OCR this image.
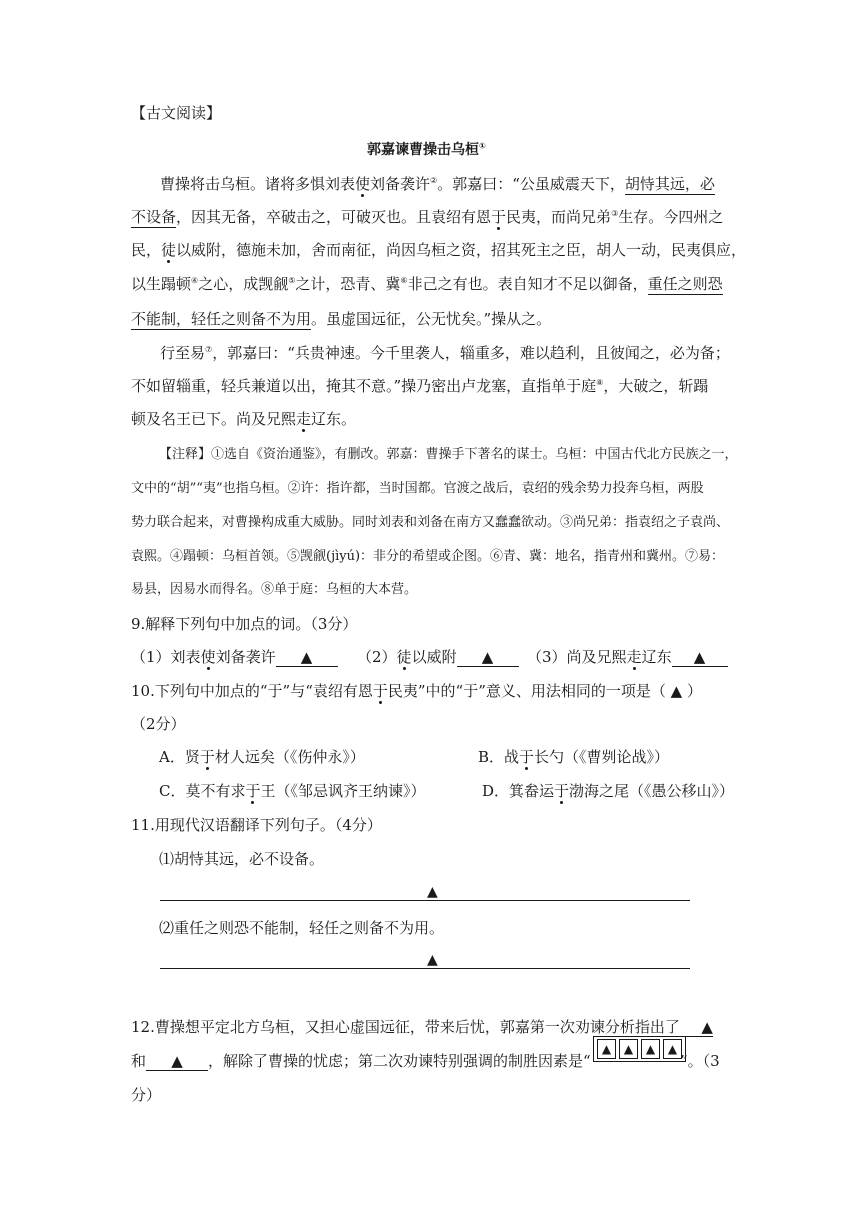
【古文阅读】
郭嘉谏曹操击乌桓①
曹操将击乌桓。诸将多惧刘表使刘备袭许②。郭嘉曰：“公虽威震天下，胡恃其远，必
不设备，因其无备，卒破击之，可破灭也。且袁绍有恩于民夷，而尚兄弟③生存。今四州之
民，徒以威附，德施未加，舍而南征，尚因乌桓之资，招其死主之臣，胡人一动，民夷俱应，
以生蹋顿④之心，成觊觎⑤之计，恐青、冀⑥非己之有也。表自知才不足以御备，重任之则恐
不能制，轻任之则备不为用。虽虚国远征，公无忧矣。”操从之。
行至易⑦，郭嘉曰：“兵贵神速。今千里袭人，辎重多，难以趋利，且彼闻之，必为备；
不如留辎重，轻兵兼道以出，掩其不意。”操乃密出卢龙塞，直指单于庭⑧，大破之，斩蹋
顿及名王已下。尚及兄熙走辽东。
【注释】①选自《资治通鉴》，有删改。郭嘉：曹操手下著名的谋士。乌桓：中国古代北方民族之一，
文中的“胡”“夷”也指乌桓。②许：指许都，当时国都。官渡之战后，袁绍的残余势力投奔乌桓，两股
势力联合起来，对曹操构成重大威胁。同时刘表和刘备在南方又蠢蠢欲动。③尚兄弟：指袁绍之子袁尚、
袁熙。④蹋顿：乌桓首领。⑤觊觎(jìyú)：非分的希望或企图。⑥青、冀：地名，指青州和冀州。⑦易：
易县，因易水而得名。⑧单于庭：乌桓的大本营。
9.解释下列句中加点的词。（3分）
（1）刘表使刘备袭许 ▲	（2）徒以威附 ▲	（3）尚及兄熙走辽东 ▲
10.下列句中加点的“于”与“袁绍有恩于民夷”中的“于”意义、用法相同的一项是（ ▲ ）
（2分）
A．贤于材人远矣（《伤仲永》）	B．战于长勺（《曹刿论战》）
C．莫不有求于王（《邹忌讽齐王纳谏》）	D．箕畚运于渤海之尾（《愚公移山》）
11.用现代汉语翻译下列句子。（4分）
⑴胡恃其远，必不设备。
▲
⑵重任之则恐不能制，轻任之则备不为用。
▲
12.曹操想平定北方乌桓，又担心虚国远征，带来后忧，郭嘉第一次劝谏分析指出了 ▲
和 ▲ ，解除了曹操的忧虑；第二次劝谏特别强调的制胜因素是“
▲	▲	▲	▲
”。（3
分）
